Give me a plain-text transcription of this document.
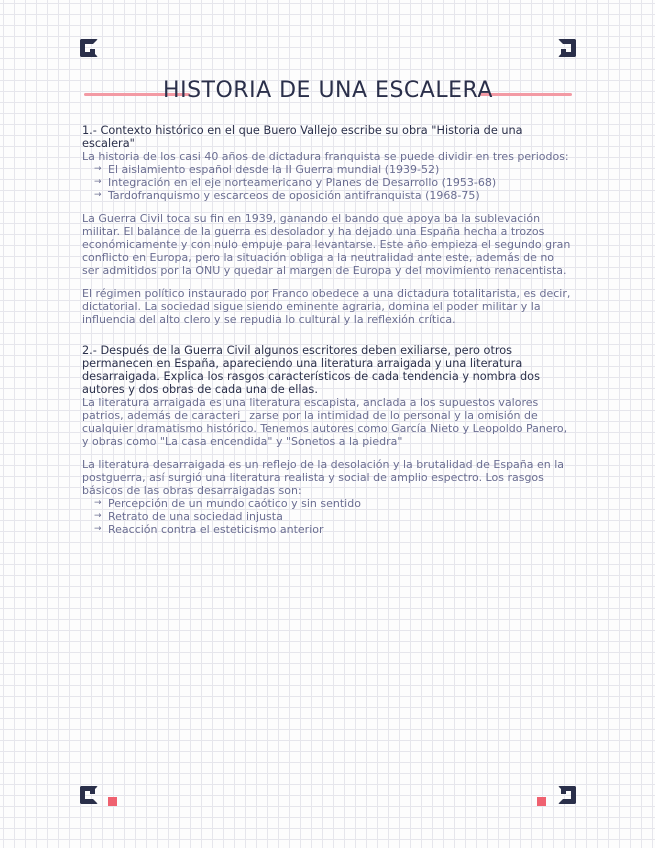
HISTORIA DE UNA ESCALERA

1.- Contexto histórico en el que Buero Vallejo escribe su obra "Historia de una escalera"

La historia de los casi 40 años de dictadura franquista se puede dividir en tres periodos:

→ El aislamiento español desde la II Guerra mundial (1939-52)
→ Integración en el eje norteamericano y Planes de Desarrollo (1953-68)
→ Tardofranquismo y escarceos de oposición antifranquista (1968-75)

La Guerra Civil toca su fin en 1939, ganando el bando que apoya ba la sublevación militar. El balance de la guerra es desolador y ha dejado una España hecha a trozos económicamente y con nulo empuje para levantarse. Este año empieza el segundo gran conflicto en Europa, pero la situación obliga a la neutralidad ante este, además de no ser admitidos por la ONU y quedar al margen de Europa y del movimiento renacentista.

El régimen político instaurado por Franco obedece a una dictadura totalitarista, es decir, dictatorial. La sociedad sigue siendo eminente agraria, domina el poder militar y la influencia del alto clero y se repudia lo cultural y la reflexión crítica.

2.- Después de la Guerra Civil algunos escritores deben exiliarse, pero otros permanecen en España, apareciendo una literatura arraigada y una literatura desarraigada. Explica los rasgos característicos de cada tendencia y nombra dos autores y dos obras de cada una de ellas.

La literatura arraigada es una literatura escapista, anclada a los supuestos valores patrios, además de caracteri_ zarse por la intimidad de lo personal y la omisión de cualquier dramatismo histórico. Tenemos autores como García Nieto y Leopoldo Panero, y obras como "La casa encendida" y "Sonetos a la piedra"

La literatura desarraigada es un reflejo de la desolación y la brutalidad de España en la postguerra, así surgió una literatura realista y social de amplio espectro. Los rasgos básicos de las obras desarraigadas son:

→ Percepción de un mundo caótico y sin sentido
→ Retrato de una sociedad injusta
→ Reacción contra el esteticismo anterior
